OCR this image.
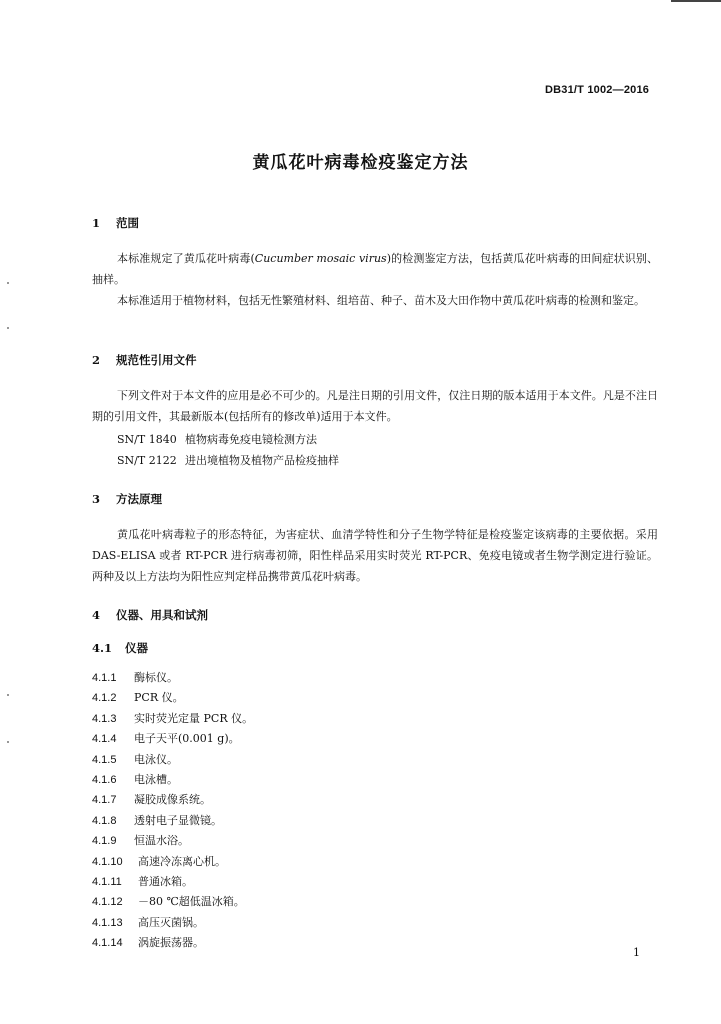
DB31/T 1002—2016
黄瓜花叶病毒检疫鉴定方法
1 范围
本标准规定了黄瓜花叶病毒(Cucumber mosaic virus)的检测鉴定方法，包括黄瓜花叶病毒的田间症状识别、抽样。
本标准适用于植物材料，包括无性繁殖材料、组培苗、种子、苗木及大田作物中黄瓜花叶病毒的检测和鉴定。
2 规范性引用文件
下列文件对于本文件的应用是必不可少的。凡是注日期的引用文件，仅注日期的版本适用于本文件。凡是不注日期的引用文件，其最新版本(包括所有的修改单)适用于本文件。
SN/T 1840 植物病毒免疫电镜检测方法
SN/T 2122 进出境植物及植物产品检疫抽样
3 方法原理
黄瓜花叶病毒粒子的形态特征，为害症状、血清学特性和分子生物学特征是检疫鉴定该病毒的主要依据。采用 DAS-ELISA 或者 RT-PCR 进行病毒初筛，阳性样品采用实时荧光 RT-PCR、免疫电镜或者生物学测定进行验证。两种及以上方法均为阳性应判定样品携带黄瓜花叶病毒。
4 仪器、用具和试剂
4.1 仪器
4.1.1 酶标仪。
4.1.2 PCR 仪。
4.1.3 实时荧光定量 PCR 仪。
4.1.4 电子天平(0.001 g)。
4.1.5 电泳仪。
4.1.6 电泳槽。
4.1.7 凝胶成像系统。
4.1.8 透射电子显微镜。
4.1.9 恒温水浴。
4.1.10 高速冷冻离心机。
4.1.11 普通冰箱。
4.1.12 －80 ℃超低温冰箱。
4.1.13 高压灭菌锅。
4.1.14 涡旋振荡器。
1
